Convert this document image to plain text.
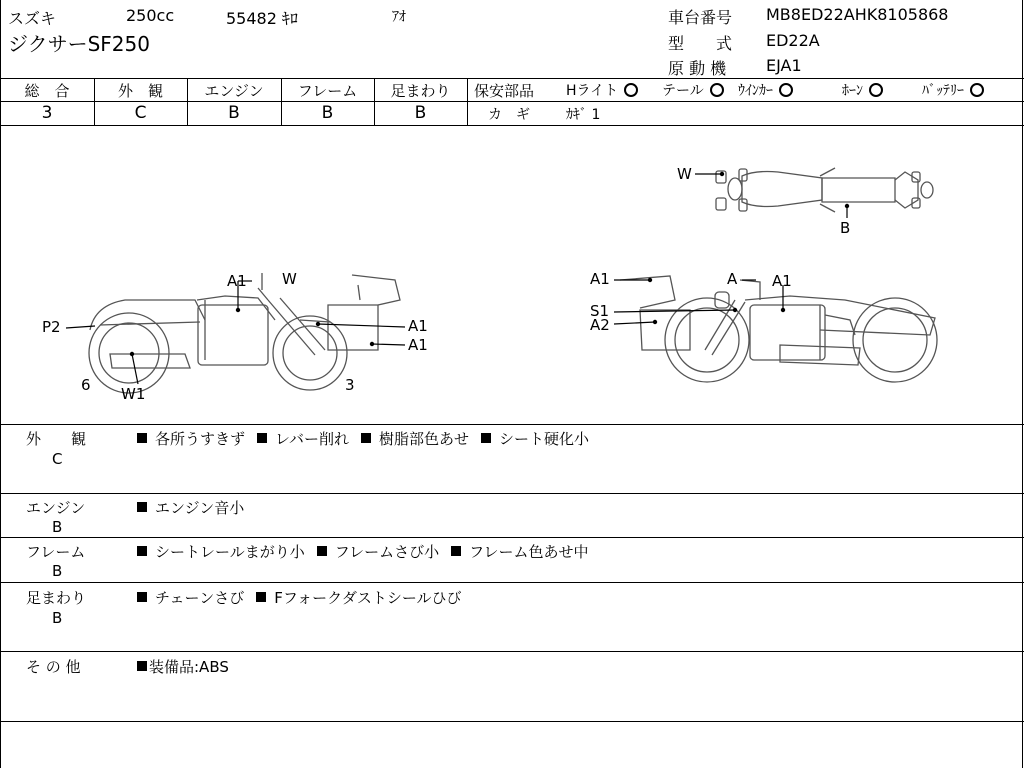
スズキ	250cc	55482 ｷﾛ	ｱｵ
ジクサーSF250
車台番号 MB8ED22AHK8105868
型　　式 ED22A
原 動 機 EJA1
総　合	外　観	エンジン	フレーム	足まわり
3	C	B	B	B
保安部品 Hライト	テール	ｳｲﾝｶｰ	ﾎｰﾝ	ﾊﾞｯﾃﾘｰ
カ　ギ	ｶｷﾞ 1
W
B
A1 W
P2	A1
A1
6 W1	3
A1	A A1
S1
A2
外　　観
C
各所うすきず レバー削れ 樹脂部色あせ シート硬化小
エンジン
B
エンジン音小
フレーム
B
シートレールまがり小 フレームさび小 フレーム色あせ中
足まわり
B
チェーンさび Fフォークダストシールひび
そ の 他	装備品:ABS
